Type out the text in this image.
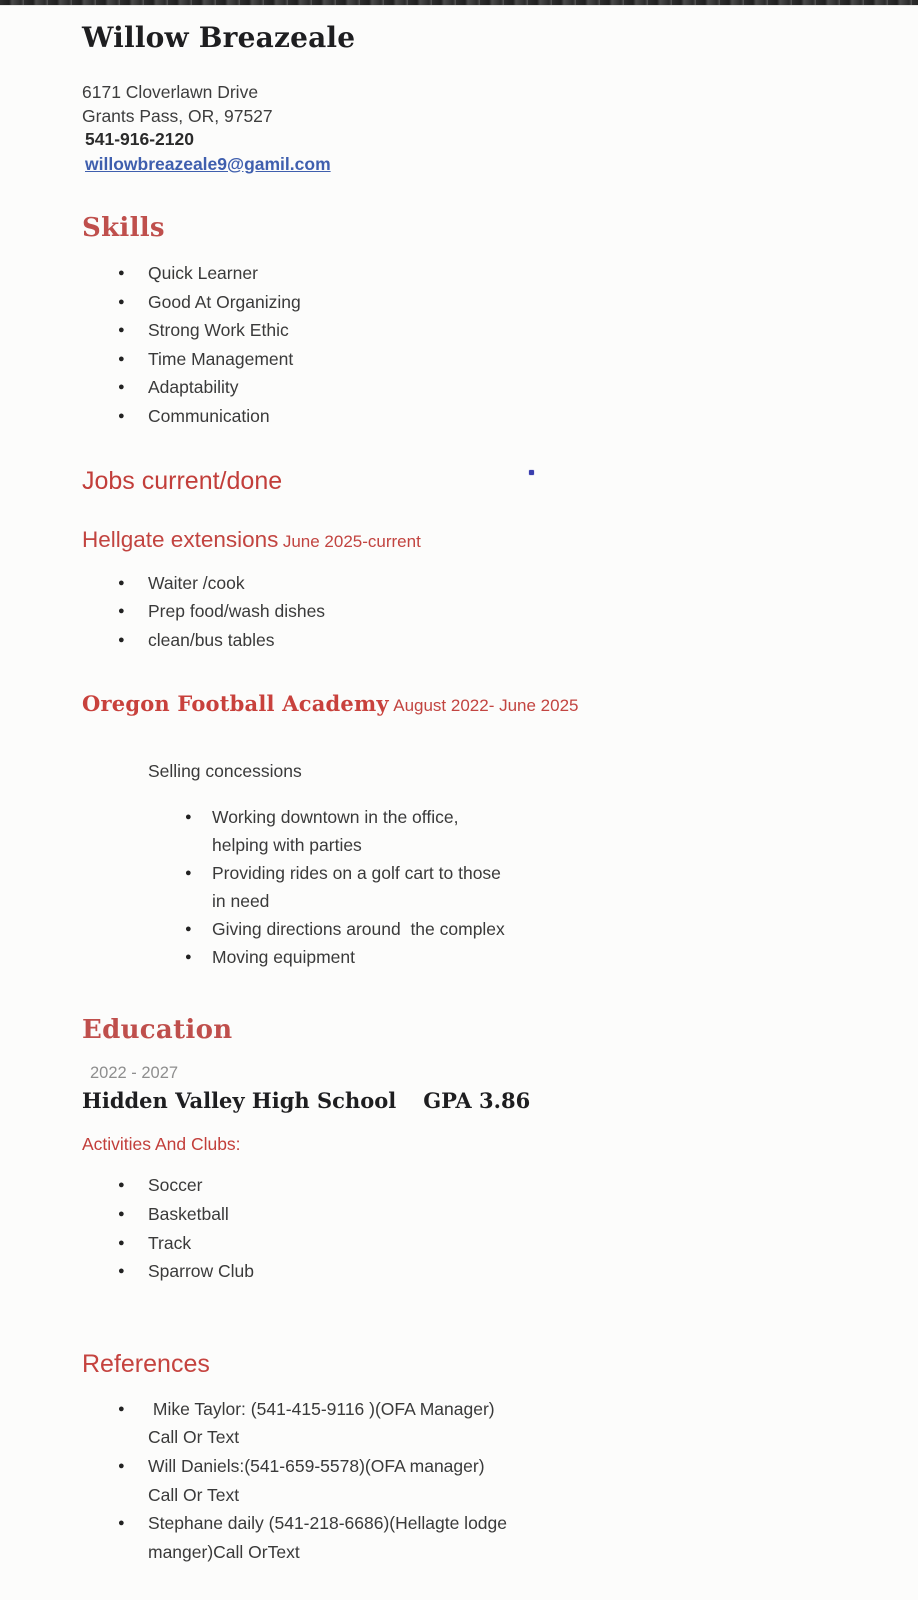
Willow Breazeale
6171 Cloverlawn Drive
Grants Pass, OR, 97527
541-916-2120
willowbreazeale9@gamil.com
Skills
● Quick Learner
● Good At Organizing
● Strong Work Ethic
● Time Management
● Adaptability
● Communication
Jobs current/done
Hellgate extensions June 2025-current
● Waiter /cook
● Prep food/wash dishes
● clean/bus tables
Oregon Football Academy August 2022- June 2025
Selling concessions
● Working downtown in the office, helping with parties
● Providing rides on a golf cart to those in need
● Giving directions around  the complex
● Moving equipment
Education
2022 - 2027
Hidden Valley High School GPA 3.86
Activities And Clubs:
● Soccer
● Basketball
● Track
● Sparrow Club
References
●  Mike Taylor: (541-415-9116 )(OFA Manager) Call Or Text
● Will Daniels:(541-659-5578)(OFA manager) Call Or Text
● Stephane daily (541-218-6686)(Hellagte lodge manger)Call OrText
